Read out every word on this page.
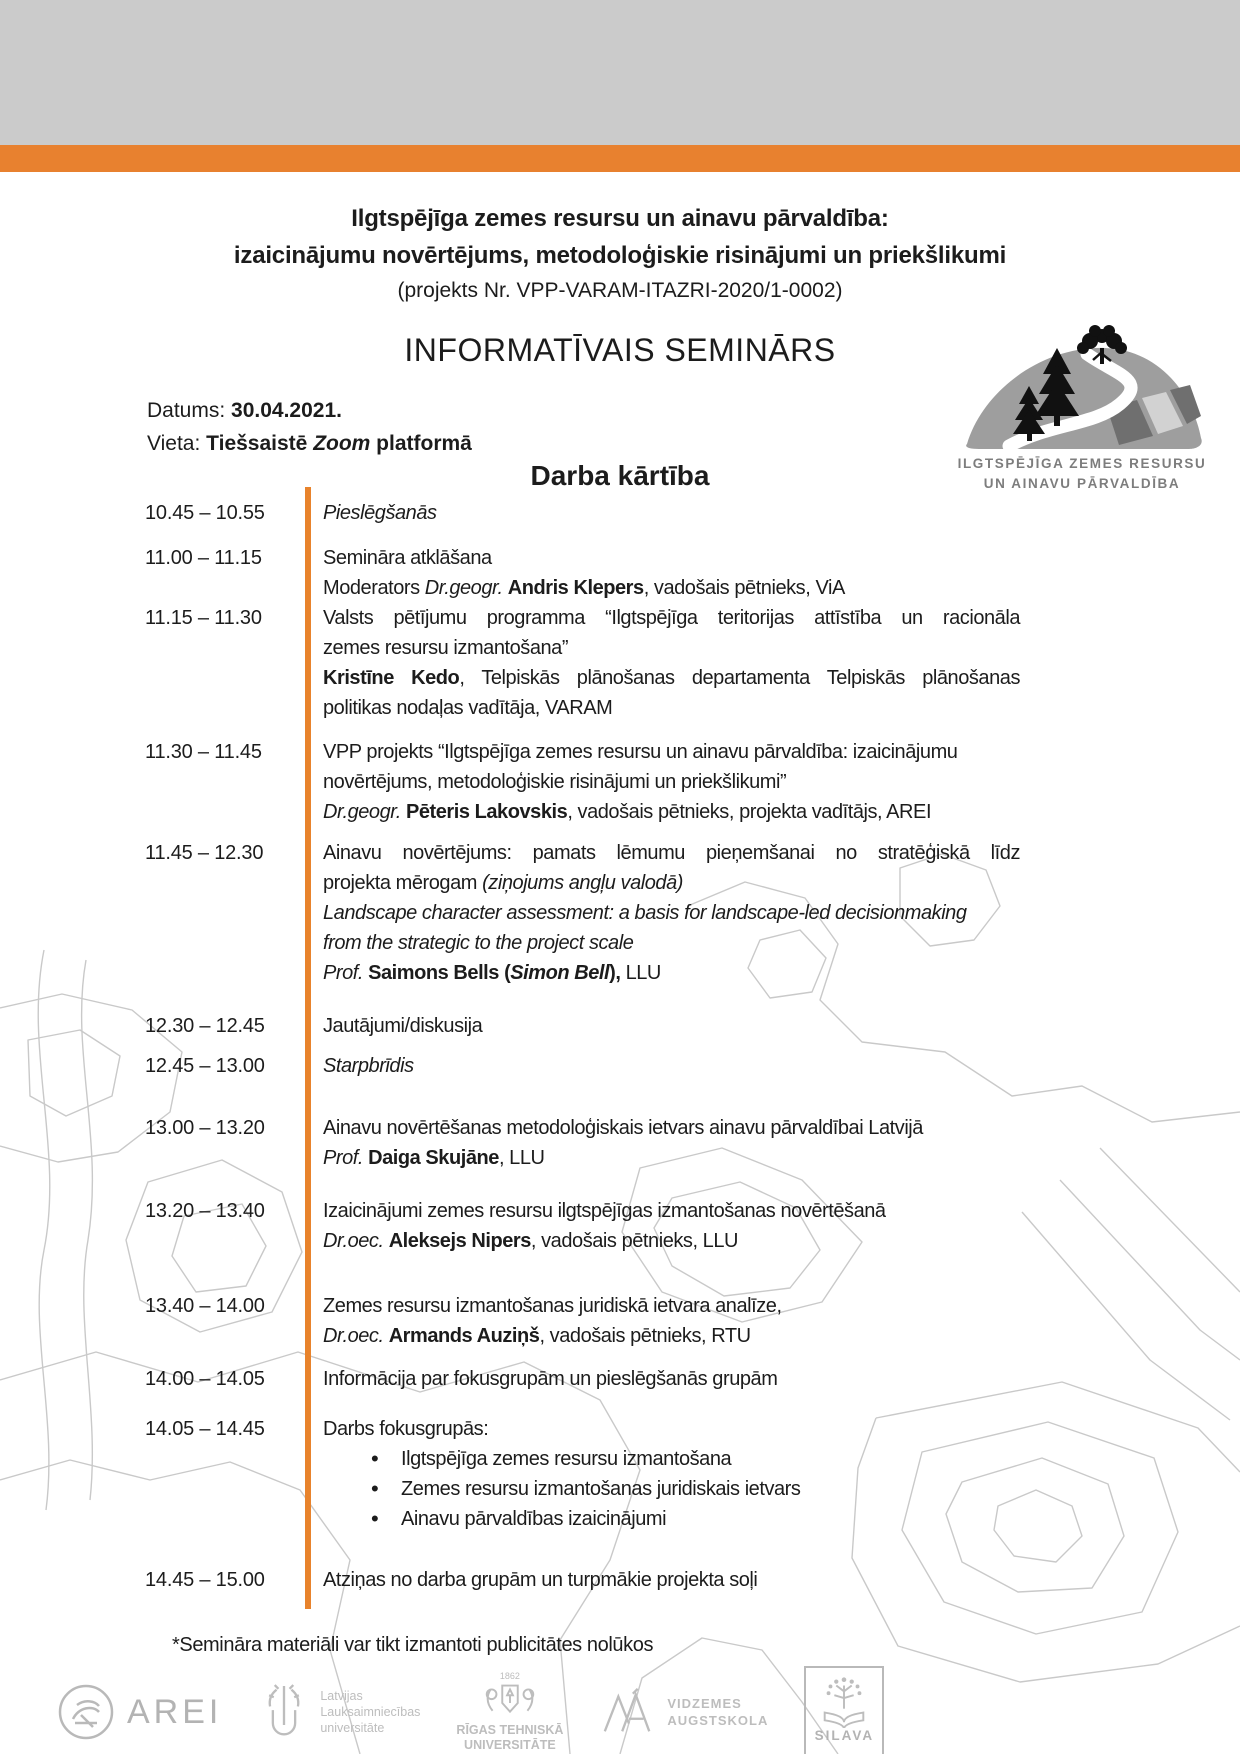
Ilgtspējīga zemes resursu un ainavu pārvaldība:
izaicinājumu novērtējums, metodoloģiskie risinājumi un priekšlikumi
(projekts Nr. VPP-VARAM-ITAZRI-2020/1-0002)
INFORMATĪVAIS SEMINĀRS
Datums: 30.04.2021.
Vieta: Tiešsaistē Zoom platformā
ILGTSPĒJĪGA ZEMES RESURSU
UN AINAVU PĀRVALDĪBA
Darba kārtība
10.45 – 10.55	Pieslēgšanās
11.00 – 11.15	Semināra atklāšana
Moderators Dr.geogr. Andris Klepers, vadošais pētnieks, ViA
11.15 – 11.30	Valsts pētījumu programma “Ilgtspējīga teritorijas attīstība un racionāla
zemes resursu izmantošana”
Kristīne Kedo, Telpiskās plānošanas departamenta Telpiskās plānošanas
politikas nodaļas vadītāja, VARAM
11.30 – 11.45	VPP projekts “Ilgtspējīga zemes resursu un ainavu pārvaldība: izaicinājumu
novērtējums, metodoloģiskie risinājumi un priekšlikumi”
Dr.geogr. Pēteris Lakovskis, vadošais pētnieks, projekta vadītājs, AREI
11.45 – 12.30	Ainavu novērtējums: pamats lēmumu pieņemšanai no stratēģiskā līdz
projekta mērogam (ziņojums angļu valodā)
Landscape character assessment: a basis for landscape-led decisionmaking
from the strategic to the project scale
Prof. Saimons Bells (Simon Bell), LLU
12.30 – 12.45	Jautājumi/diskusija
12.45 – 13.00	Starpbrīdis
13.00 – 13.20	Ainavu novērtēšanas metodoloģiskais ietvars ainavu pārvaldībai Latvijā
Prof. Daiga Skujāne, LLU
13.20 – 13.40	Izaicinājumi zemes resursu ilgtspējīgas izmantošanas novērtēšanā
Dr.oec. Aleksejs Nipers, vadošais pētnieks, LLU
13.40 – 14.00	Zemes resursu izmantošanas juridiskā ietvara analīze,
Dr.oec. Armands Auziņš, vadošais pētnieks, RTU
14.00 – 14.05	Informācija par fokusgrupām un pieslēgšanās grupām
14.05 – 14.45	Darbs fokusgrupās:
• Ilgtspējīga zemes resursu izmantošana
• Zemes resursu izmantošanas juridiskais ietvars
• Ainavu pārvaldības izaicinājumi
14.45 – 15.00	Atziņas no darba grupām un turpmākie projekta soļi
*Semināra materiāli var tikt izmantoti publicitātes nolūkos
AREI	Latvijas
Lauksaimniecības
universitāte
1862
RĪGAS TEHNISKĀ
UNIVERSITĀTE
VIDZEMES
AUGSTSKOLA
SILAVA
